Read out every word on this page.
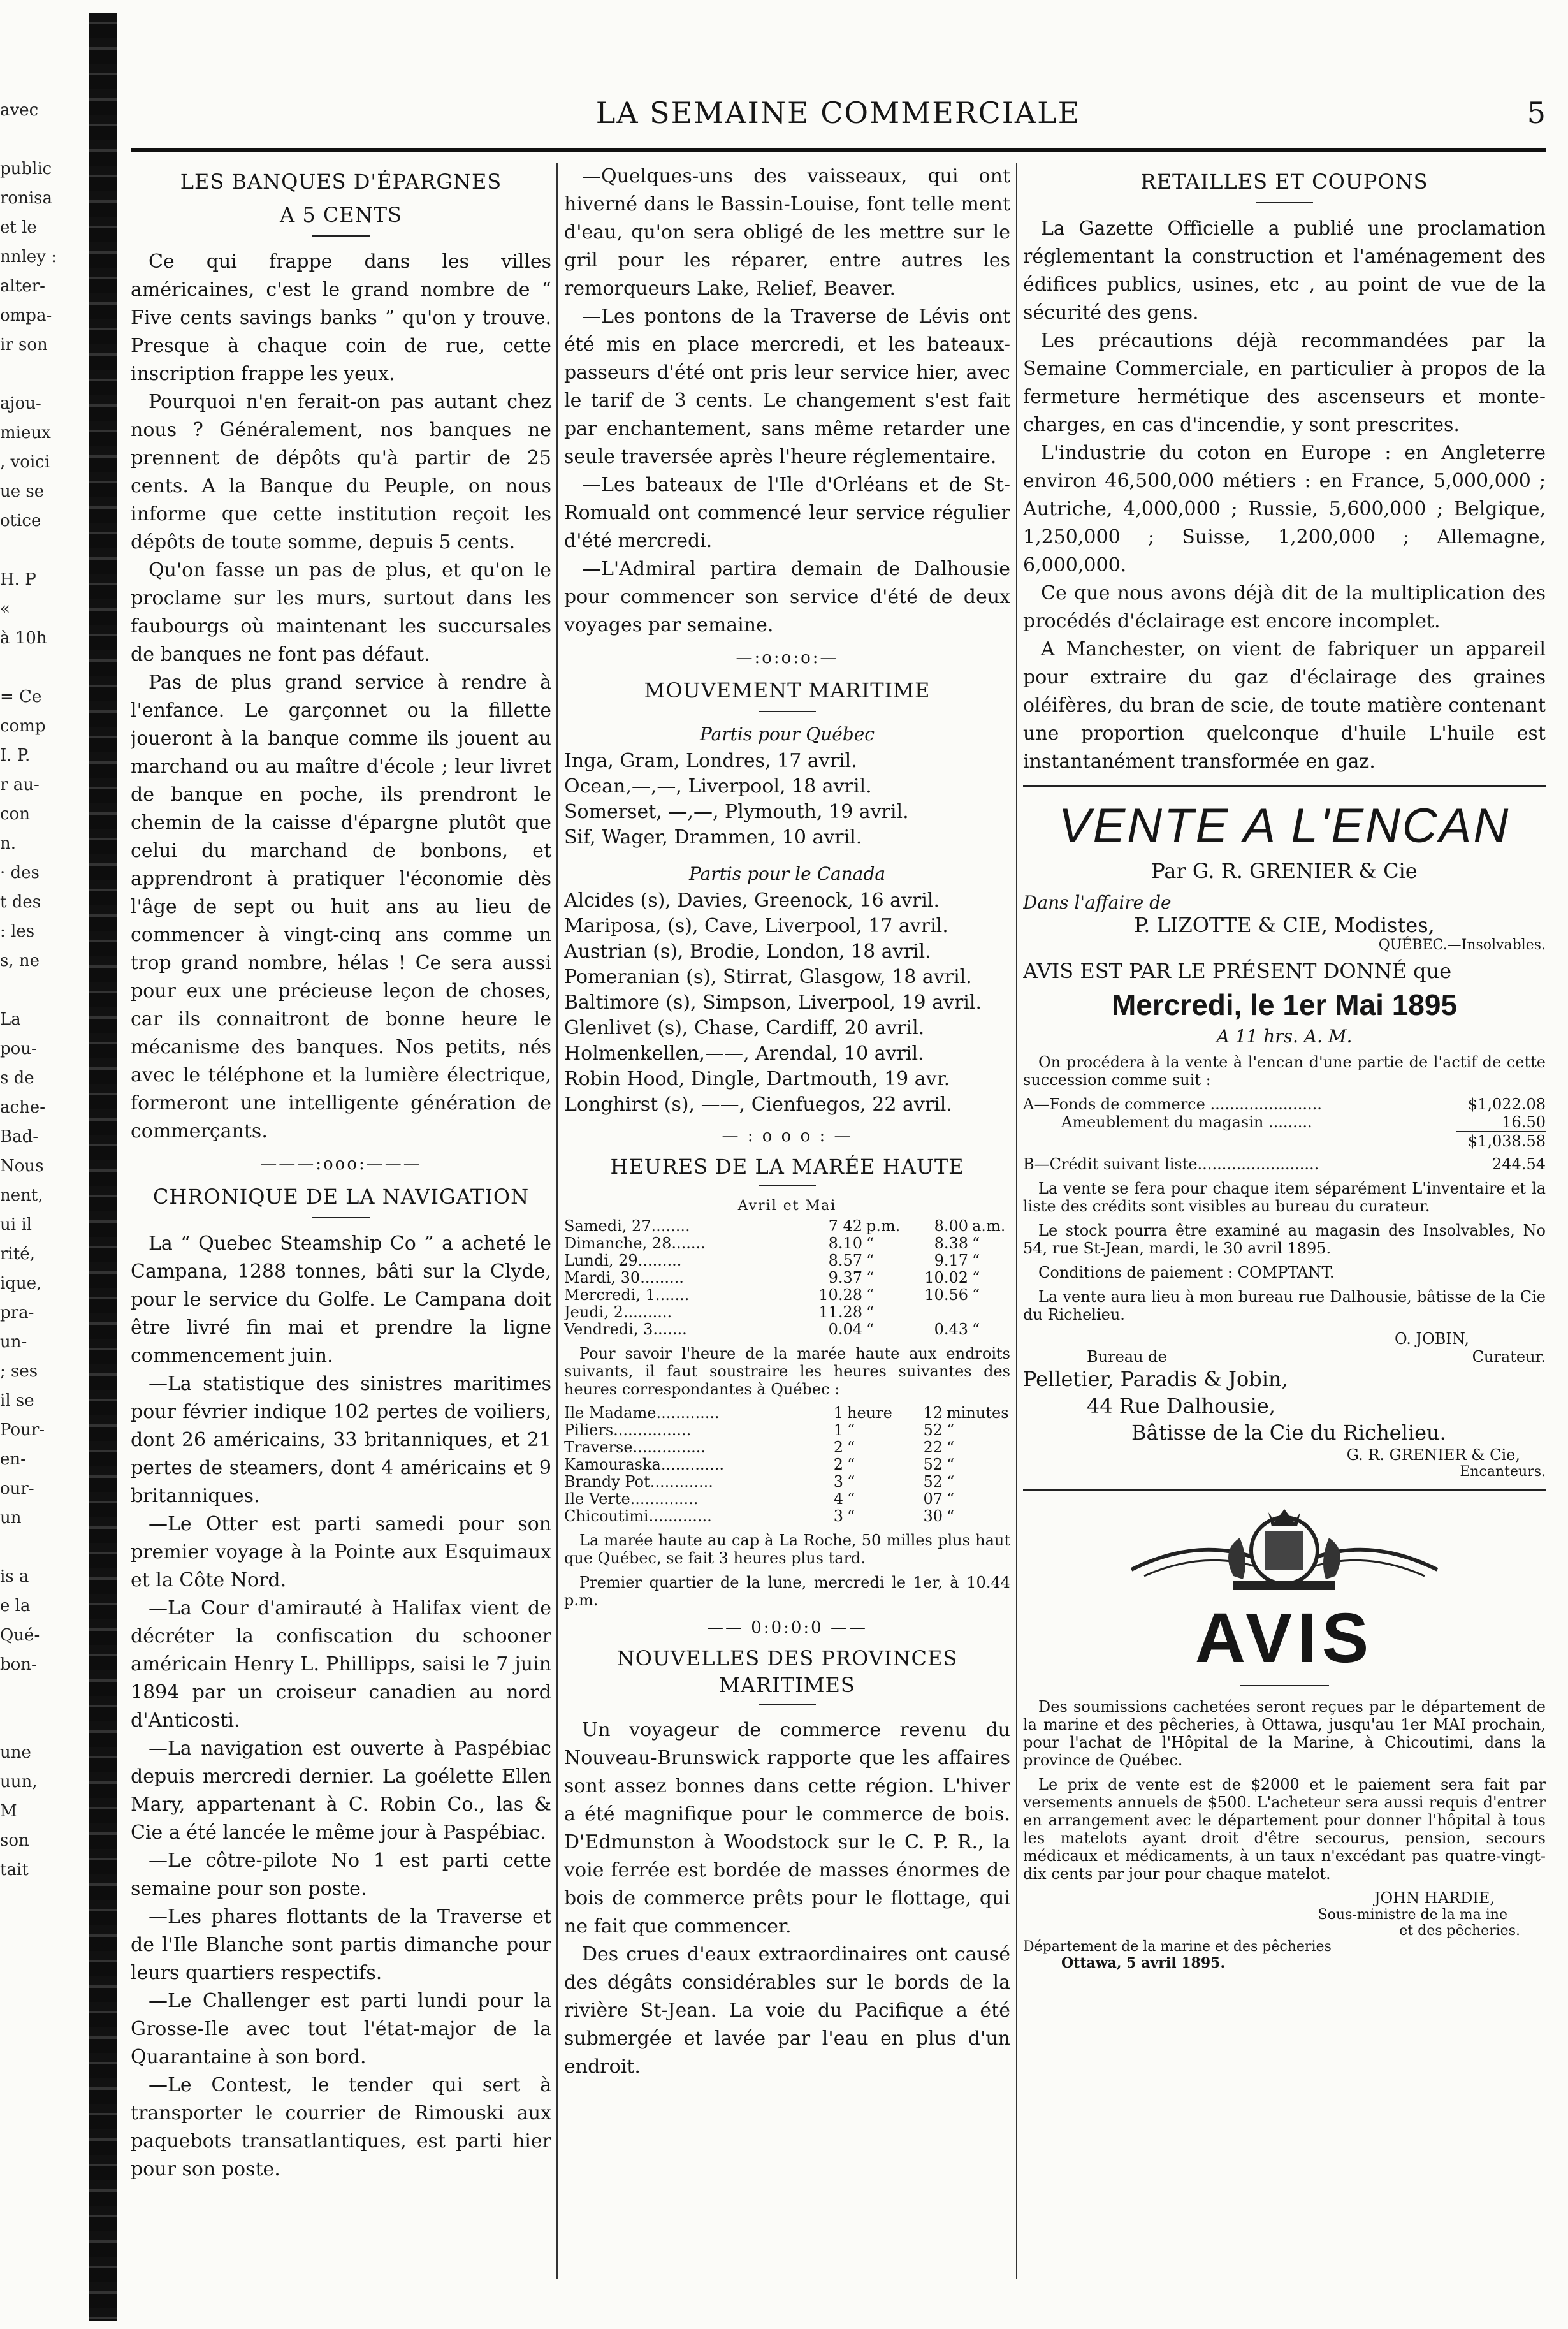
avec

public
ronisa
et le
nnley :
alter-
ompa-
ir son

ajou-
mieux
, voici
ue se
otice

H. P
«
à 10h

= Ce
comp
I. P.
r au-
con
n.
· des
t des
: les
s, ne

La
pou-
s de
ache-
Bad-
Nous
nent,
ui il
rité,
ique,
pra-
un-
; ses
il se
Pour-
en-
our-
un

is a
e la
Qué-
bon-

une
uun,
M
son
tait
LA SEMAINE COMMERCIALE	5
LES BANQUES D'ÉPARGNES
A 5 CENTS

Ce qui frappe dans les villes américaines, c'est le grand nombre de “ Five cents savings banks ” qu'on y trouve. Presque à chaque coin de rue, cette inscription frappe les yeux.

Pourquoi n'en ferait-on pas autant chez nous ? Généralement, nos banques ne prennent de dépôts qu'à partir de 25 cents. A la Banque du Peuple, on nous informe que cette institution reçoit les dépôts de toute somme, depuis 5 cents.

Qu'on fasse un pas de plus, et qu'on le proclame sur les murs, surtout dans les faubourgs où maintenant les succursales de banques ne font pas défaut.

Pas de plus grand service à rendre à l'enfance. Le garçonnet ou la fillette joueront à la banque comme ils jouent au marchand ou au maître d'école ; leur livret de banque en poche, ils prendront le chemin de la caisse d'épargne plutôt que celui du marchand de bonbons, et apprendront à pratiquer l'économie dès l'âge de sept ou huit ans au lieu de commencer à vingt-cinq ans comme un trop grand nombre, hélas ! Ce sera aussi pour eux une précieuse leçon de choses, car ils connaitront de bonne heure le mécanisme des banques. Nos petits, nés avec le téléphone et la lumière électrique, formeront une intelligente génération de commerçants.

———:ooo:———
CHRONIQUE DE LA NAVIGATION

La “ Quebec Steamship Co ” a acheté le Campana, 1288 tonnes, bâti sur la Clyde, pour le service du Golfe. Le Campana doit être livré fin mai et prendre la ligne commencement juin.

—La statistique des sinistres maritimes pour février indique 102 pertes de voiliers, dont 26 américains, 33 britanniques, et 21 pertes de steamers, dont 4 américains et 9 britanniques.

—Le Otter est parti samedi pour son premier voyage à la Pointe aux Esquimaux et la Côte Nord.

—La Cour d'amirauté à Halifax vient de décréter la confiscation du schooner américain Henry L. Phillipps, saisi le 7 juin 1894 par un croiseur canadien au nord d'Anticosti.

—La navigation est ouverte à Paspébiac depuis mercredi dernier. La goélette Ellen Mary, appartenant à C. Robin Co., las & Cie a été lancée le même jour à Paspébiac.

—Le côtre-pilote No 1 est parti cette semaine pour son poste.

—Les phares flottants de la Traverse et de l'Ile Blanche sont partis dimanche pour leurs quartiers respectifs.

—Le Challenger est parti lundi pour la Grosse-Ile avec tout l'état-major de la Quarantaine à son bord.

—Le Contest, le tender qui sert à transporter le courrier de Rimouski aux paquebots transatlantiques, est parti hier pour son poste.

—Quelques-uns des vaisseaux, qui ont hiverné dans le Bassin-Louise, font telle ment d'eau, qu'on sera obligé de les mettre sur le gril pour les réparer, entre autres les remorqueurs Lake, Relief, Beaver.

—Les pontons de la Traverse de Lévis ont été mis en place mercredi, et les bateaux-passeurs d'été ont pris leur service hier, avec le tarif de 3 cents. Le changement s'est fait par enchantement, sans même retarder une seule traversée après l'heure réglementaire.

—Les bateaux de l'Ile d'Orléans et de St-Romuald ont commencé leur service régulier d'été mercredi.

—L'Admiral partira demain de Dalhousie pour commencer son service d'été de deux voyages par semaine.

—:o:o:o:—
MOUVEMENT MARITIME
Partis pour Québec

Inga, Gram, Londres, 17 avril.

Ocean,—,—, Liverpool, 18 avril.

Somerset, —,—, Plymouth, 19 avril.

Sif, Wager, Drammen, 10 avril.

Partis pour le Canada

Alcides (s), Davies, Greenock, 16 avril.

Mariposa, (s), Cave, Liverpool, 17 avril.

Austrian (s), Brodie, London, 18 avril.

Pomeranian (s), Stirrat, Glasgow, 18 avril.

Baltimore (s), Simpson, Liverpool, 19 avril.

Glenlivet (s), Chase, Cardiff, 20 avril.

Holmenkellen,——, Arendal, 10 avril.

Robin Hood, Dingle, Dartmouth, 19 avr.

Longhirst (s), ——, Cienfuegos, 22 avril.

— : o o o : —
HEURES DE LA MARÉE HAUTE
Avril et Mai
Samedi, 27........	7 42 p.m.	8.00 a.m.
Dimanche, 28.......	8.10 “	8.38 “
Lundi, 29.........	8.57 “	9.17 “
Mardi, 30.........	9.37 “	10.02 “
Mercredi, 1.......	10.28 “	10.56 “
Jeudi, 2..........	11.28 “
Vendredi, 3.......	0.04 “	0.43 “
Pour savoir l'heure de la marée haute aux endroits suivants, il faut soustraire les heures suivantes des heures correspondantes à Québec :
Ile Madame.............	1 heure	12 minutes
Piliers................	1 “	52 “
Traverse...............	2 “	22 “
Kamouraska.............	2 “	52 “
Brandy Pot.............	3 “	52 “
Ile Verte..............	4 “	07 “
Chicoutimi.............	3 “	30 “
La marée haute au cap à La Roche, 50 milles plus haut que Québec, se fait 3 heures plus tard.
Premier quartier de la lune, mercredi le 1er, à 10.44 p.m.
—— 0:0:0:0 ——
NOUVELLES DES PROVINCES
MARITIMES

Un voyageur de commerce revenu du Nouveau-Brunswick rapporte que les affaires sont assez bonnes dans cette région. L'hiver a été magnifique pour le commerce de bois. D'Edmunston à Woodstock sur le C. P. R., la voie ferrée est bordée de masses énormes de bois de commerce prêts pour le flottage, qui ne fait que commencer.

Des crues d'eaux extraordinaires ont causé des dégâts considérables sur le bords de la rivière St-Jean. La voie du Pacifique a été submergée et lavée par l'eau en plus d'un endroit.

RETAILLES ET COUPONS

La Gazette Officielle a publié une proclamation réglementant la construction et l'aménagement des édifices publics, usines, etc , au point de vue de la sécurité des gens.

Les précautions déjà recommandées par la Semaine Commerciale, en particulier à propos de la fermeture hermétique des ascenseurs et monte-charges, en cas d'incendie, y sont prescrites.

L'industrie du coton en Europe : en Angleterre environ 46,500,000 métiers : en France, 5,000,000 ; Autriche, 4,000,000 ; Russie, 5,600,000 ; Belgique, 1,250,000 ; Suisse, 1,200,000 ; Allemagne, 6,000,000.

Ce que nous avons déjà dit de la multiplication des procédés d'éclairage est encore incomplet.

A Manchester, on vient de fabriquer un appareil pour extraire du gaz d'éclairage des graines oléifères, du bran de scie, de toute matière contenant une proportion quelconque d'huile L'huile est instantanément transformée en gaz.

VENTE A L'ENCAN
Par G. R. GRENIER & Cie
Dans l'affaire de
P. LIZOTTE & CIE, Modistes,
QUÉBEC.—Insolvables.
AVIS EST PAR LE PRÉSENT DONNÉ que
Mercredi, le 1er Mai 1895
A 11 hrs. A. M.
On procédera à la vente à l'encan d'une partie de l'actif de cette succession comme suit :
A—Fonds de commerce .......................	$1,022.08
Ameublement du magasin .........	16.50
$1,038.58
B—Crédit suivant liste.........................	244.54

La vente se fera pour chaque item séparément L'inventaire et la liste des crédits sont visibles au bureau du curateur.

Le stock pourra être examiné au magasin des Insolvables, No 54, rue St-Jean, mardi, le 30 avril 1895.

Conditions de paiement : COMPTANT.

La vente aura lieu à mon bureau rue Dalhousie, bâtisse de la Cie du Richelieu.

O. JOBIN,
Bureau de	Curateur.
Pelletier, Paradis & Jobin,
44 Rue Dalhousie,
Bâtisse de la Cie du Richelieu.
G. R. GRENIER & Cie,
Encanteurs.
AVIS

Des soumissions cachetées seront reçues par le département de la marine et des pêcheries, à Ottawa, jusqu'au 1er MAI prochain, pour l'achat de l'Hôpital de la Marine, à Chicoutimi, dans la province de Québec.

Le prix de vente est de $2000 et le paiement sera fait par versements annuels de $500. L'acheteur sera aussi requis d'entrer en arrangement avec le département pour donner l'hôpital à tous les matelots ayant droit d'être secourus, pension, secours médicaux et médicaments, à un taux n'excédant pas quatre-vingt-dix cents par jour pour chaque matelot.

JOHN HARDIE,
Sous-ministre de la ma ine
et des pêcheries.
Département de la marine et des pêcheries
Ottawa, 5 avril 1895.
